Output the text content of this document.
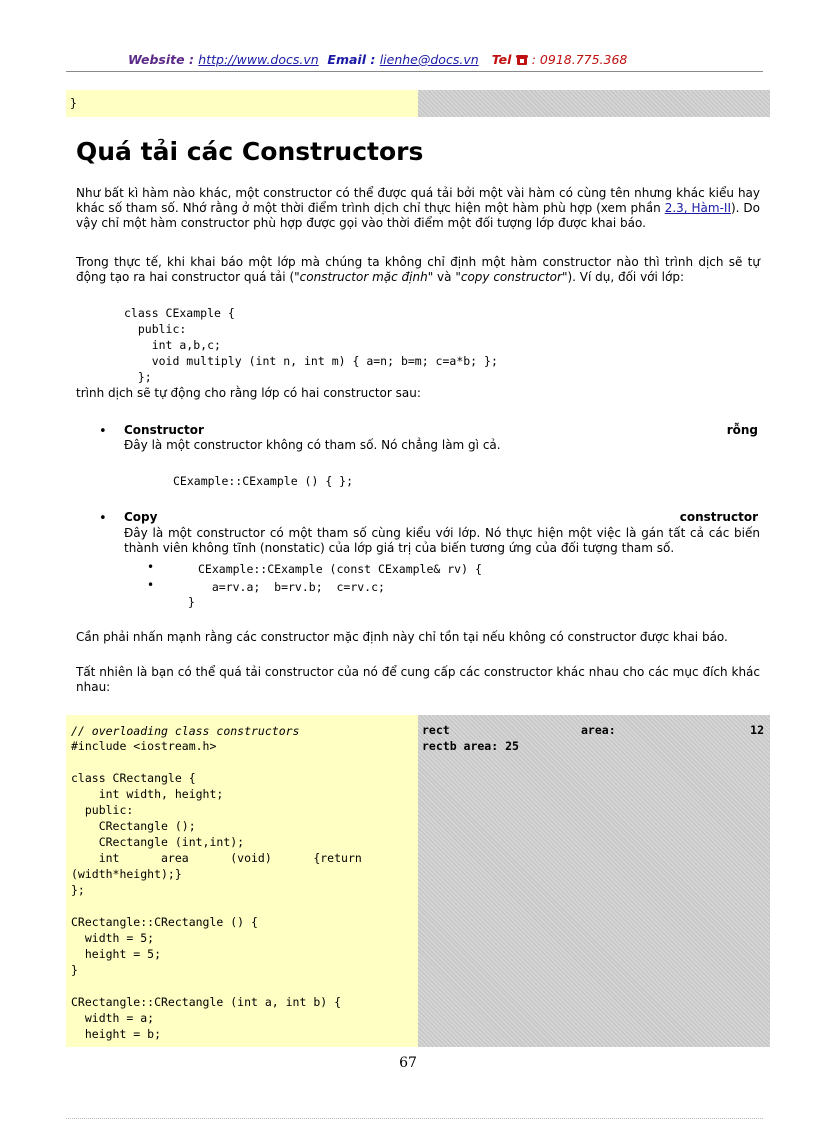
Website : http://www.docs.vn Email : lienhe@docs.vn Tel  : 0918.775.368
}
Quá tải các Constructors

Như bất kì hàm nào khác, một constructor có thể được quá tải bởi một vài hàm có cùng tên nhưng khác kiểu hay khác số tham số. Nhớ rằng ở một thời điểm trình dịch chỉ thực hiện một hàm phù hợp (xem phần 2.3, Hàm-II). Do vậy chỉ một hàm constructor phù hợp được gọi vào thời điểm một đối tượng lớp được khai báo.

Trong thực tế, khi khai báo một lớp mà chúng ta không chỉ định một hàm constructor nào thì trình dịch sẽ tự động tạo ra hai constructor quá tải ("constructor mặc định" và "copy constructor"). Ví dụ, đối với lớp:

class CExample {
public:
int a,b,c;
void multiply (int n, int m) { a=n; b=m; c=a*b; };
};

trình dịch sẽ tự động cho rằng lớp có hai constructor sau:

• Constructor	rỗng

Đây là một constructor không có tham số. Nó chẳng làm gì cả.

CExample::CExample () { };
• Copy	constructor

Đây là một constructor có một tham số cùng kiểu với lớp. Nó thực hiện một việc là gán tất cả các biến thành viên không tĩnh (nonstatic) của lớp giá trị của biến tương ứng của đối tượng tham số.

•	CExample::CExample (const CExample& rv) {
•	a=rv.a;  b=rv.b;  c=rv.c;
}

Cần phải nhấn mạnh rằng các constructor mặc định này chỉ tồn tại nếu không có constructor được khai báo.

Tất nhiên là bạn có thể quá tải constructor của nó để cung cấp các constructor khác nhau cho các mục đích khác nhau:

// overloading class constructors
#include <iostream.h>

class CRectangle {
int width, height;
public:
CRectangle ();
CRectangle (int,int);
int      area      (void)      {return
(width*height);}
};

CRectangle::CRectangle () {
width = 5;
height = 5;
}

CRectangle::CRectangle (int a, int b) {
width = a;
height = b;
rect	area:	12
rectb area: 25
67
